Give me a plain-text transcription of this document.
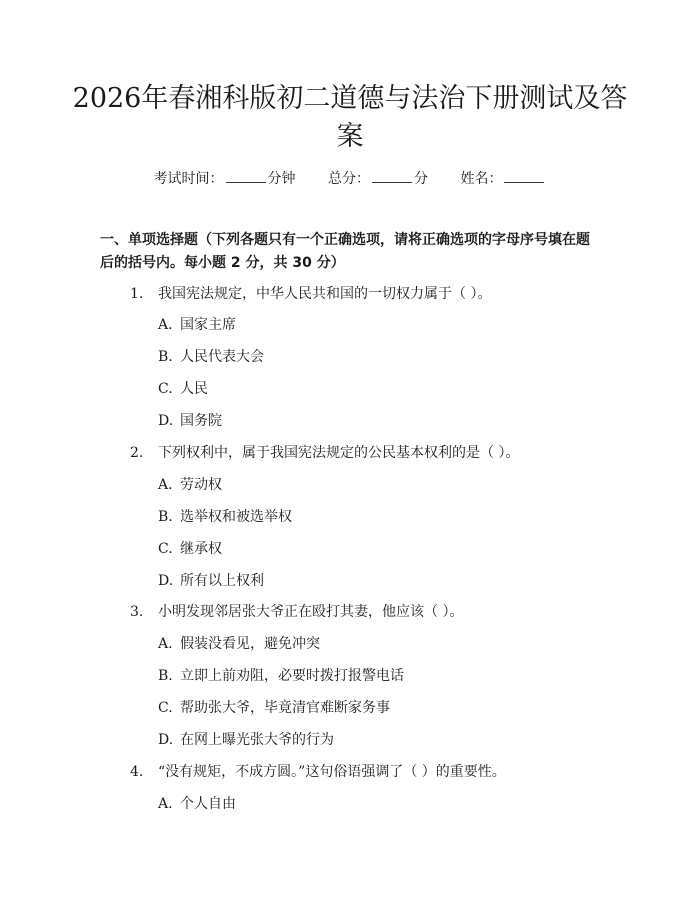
2026年春湘科版初二道德与法治下册测试及答案
考试时间：	分钟 总分：	分 姓名：
一、单项选择题（下列各题只有一个正确选项，请将正确选项的字母序号填在题后的括号内。每小题 2 分，共 30 分）
1. 我国宪法规定，中华人民共和国的一切权力属于（ ）。
A. 国家主席
B. 人民代表大会
C. 人民
D. 国务院
2. 下列权利中，属于我国宪法规定的公民基本权利的是（ ）。
A. 劳动权
B. 选举权和被选举权
C. 继承权
D. 所有以上权利
3. 小明发现邻居张大爷正在殴打其妻，他应该（ ）。
A. 假装没看见，避免冲突
B. 立即上前劝阻，必要时拨打报警电话
C. 帮助张大爷，毕竟清官难断家务事
D. 在网上曝光张大爷的行为
4. “没有规矩，不成方圆。”这句俗语强调了（ ）的重要性。
A. 个人自由
